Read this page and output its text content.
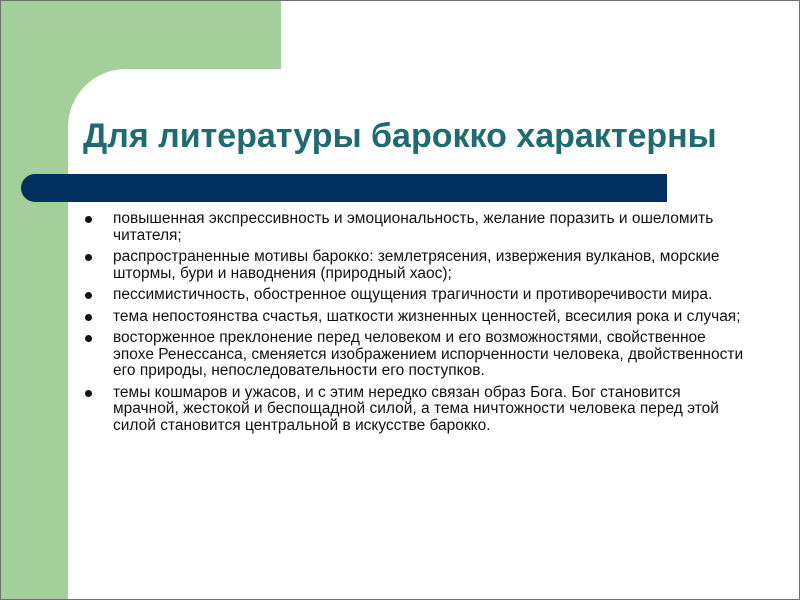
Для литературы барокко характерны
повышенная экспрессивность и эмоциональность, желание поразить и ошеломить читателя;
распространенные мотивы барокко: землетрясения, извержения вулканов, морские штормы, бури и наводнения (природный хаос);
пессимистичность, обостренное ощущения трагичности и противоречивости мира.
тема непостоянства счастья, шаткости жизненных ценностей, всесилия рока и случая;
восторженное преклонение перед человеком и его возможностями, свойственное эпохе Ренессанса, сменяется изображением испорченности человека, двойственности его природы, непоследовательности его поступков.
темы кошмаров и ужасов, и с этим нередко связан образ Бога. Бог становится мрачной, жестокой и беспощадной силой, а тема ничтожности человека перед этой силой становится центральной в искусстве барокко.
